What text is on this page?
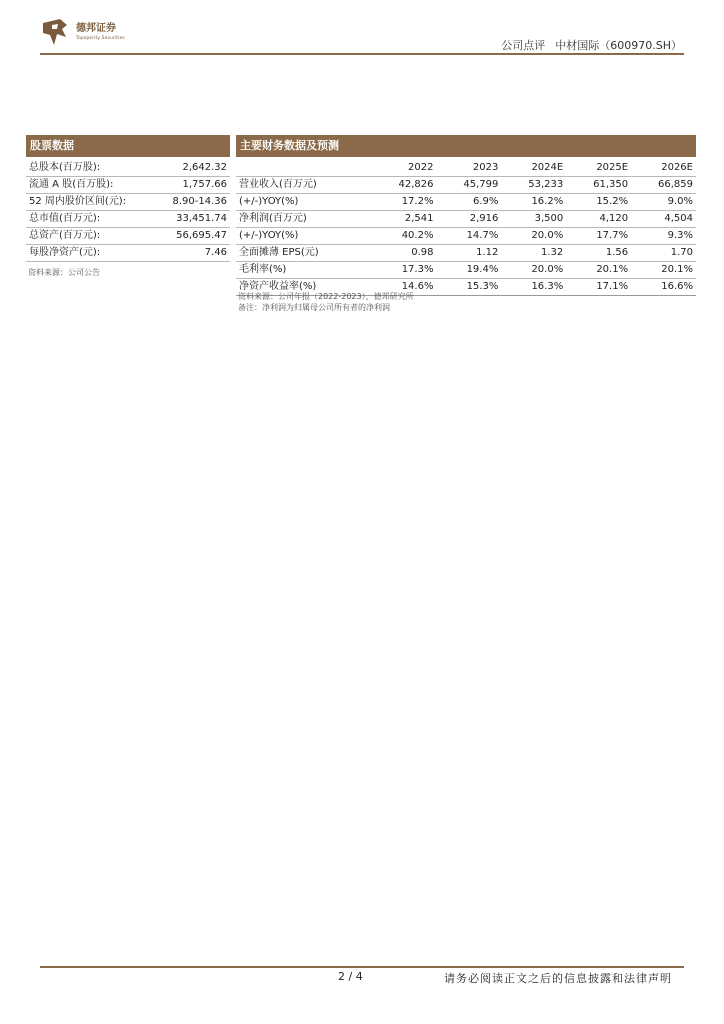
德邦证券
Topsperity Securities
公司点评 中材国际（600970.SH）
股票数据
总股本(百万股):	2,642.32
流通 A 股(百万股):	1,757.66
52 周内股价区间(元):	8.90-14.36
总市值(百万元):	33,451.74
总资产(百万元):	56,695.47
每股净资产(元):	7.46
资料来源：公司公告
主要财务数据及预测
	2022	2023	2024E	2025E	2026E
营业收入(百万元)	42,826	45,799	53,233	61,350	66,859
(+/-)YOY(%)	17.2%	6.9%	16.2%	15.2%	9.0%
净利润(百万元)	2,541	2,916	3,500	4,120	4,504
(+/-)YOY(%)	40.2%	14.7%	20.0%	17.7%	9.3%
全面摊薄 EPS(元)	0.98	1.12	1.32	1.56	1.70
毛利率(%)	17.3%	19.4%	20.0%	20.1%	20.1%
净资产收益率(%)	14.6%	15.3%	16.3%	17.1%	16.6%
资料来源：公司年报（2022-2023），德邦研究所
备注：净利润为归属母公司所有者的净利润
2 / 4	请务必阅读正文之后的信息披露和法律声明
